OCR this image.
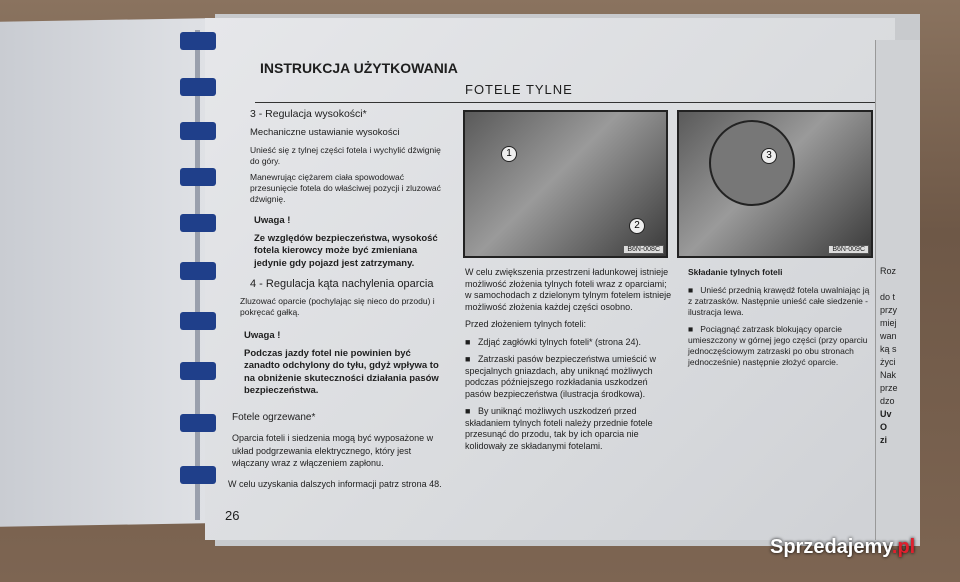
INSTRUKCJA UŻYTKOWANIA
FOTELE TYLNE
3 - Regulacja wysokości*
Mechaniczne ustawianie wysokości
Unieść się z tylnej części fotela i wychylić dźwignię do góry.
Manewrując ciężarem ciała spowodować przesunięcie fotela do właściwej pozycji i zluzować dźwignię.
Uwaga !
Ze względów bezpieczeństwa, wysokość fotela kierowcy może być zmieniana jedynie gdy pojazd jest zatrzymany.
4 - Regulacja kąta nachylenia oparcia
Zluzować oparcie (pochylając się nieco do przodu) i pokręcać gałką.
Uwaga !
Podczas jazdy fotel nie powinien być zanadto odchylony do tyłu, gdyż wpływa to na obniżenie skuteczności działania pasów bezpieczeństwa.
Fotele ogrzewane*
Oparcia foteli i siedzenia mogą być wyposażone w układ podgrzewania elektrycznego, który jest włączany wraz z włączeniem zapłonu.
W celu uzyskania dalszych informacji patrz strona 48.
26
1
2
B6N-008C
3
B6N-009C
W celu zwiększenia przestrzeni ładunkowej istnieje możliwość złożenia tylnych foteli wraz z oparciami; w samochodach z dzielonym tylnym fotelem istnieje możliwość złożenia każdej części osobno.
Przed złożeniem tylnych foteli:
■   Zdjąć zagłówki tylnych foteli* (strona 24).
■   Zatrzaski pasów bezpieczeństwa umieścić w specjalnych gniazdach, aby uniknąć możliwych podczas późniejszego rozkładania uszkodzeń pasów bezpieczeństwa (ilustracja środkowa).
■   By uniknąć możliwych uszkodzeń przed składaniem tylnych foteli należy przednie fotele przesunąć do przodu, tak by ich oparcia nie kolidowały ze składanymi fotelami.
Składanie tylnych foteli
■   Unieść przednią krawędź fotela uwalniając ją z zatrzasków. Następnie unieść całe siedzenie - ilustracja lewa.
■   Pociągnąć zatrzask blokujący oparcie umieszczony w górnej jego części (przy oparciu jednoczęściowym zatrzaski po obu stronach jednocześnie) następnie złożyć oparcie.
Roz

do t
przy
miej
wan
ką s
życi
Nak
prze
dzo
Uv
O
zi
Sprzedajemy.pl
